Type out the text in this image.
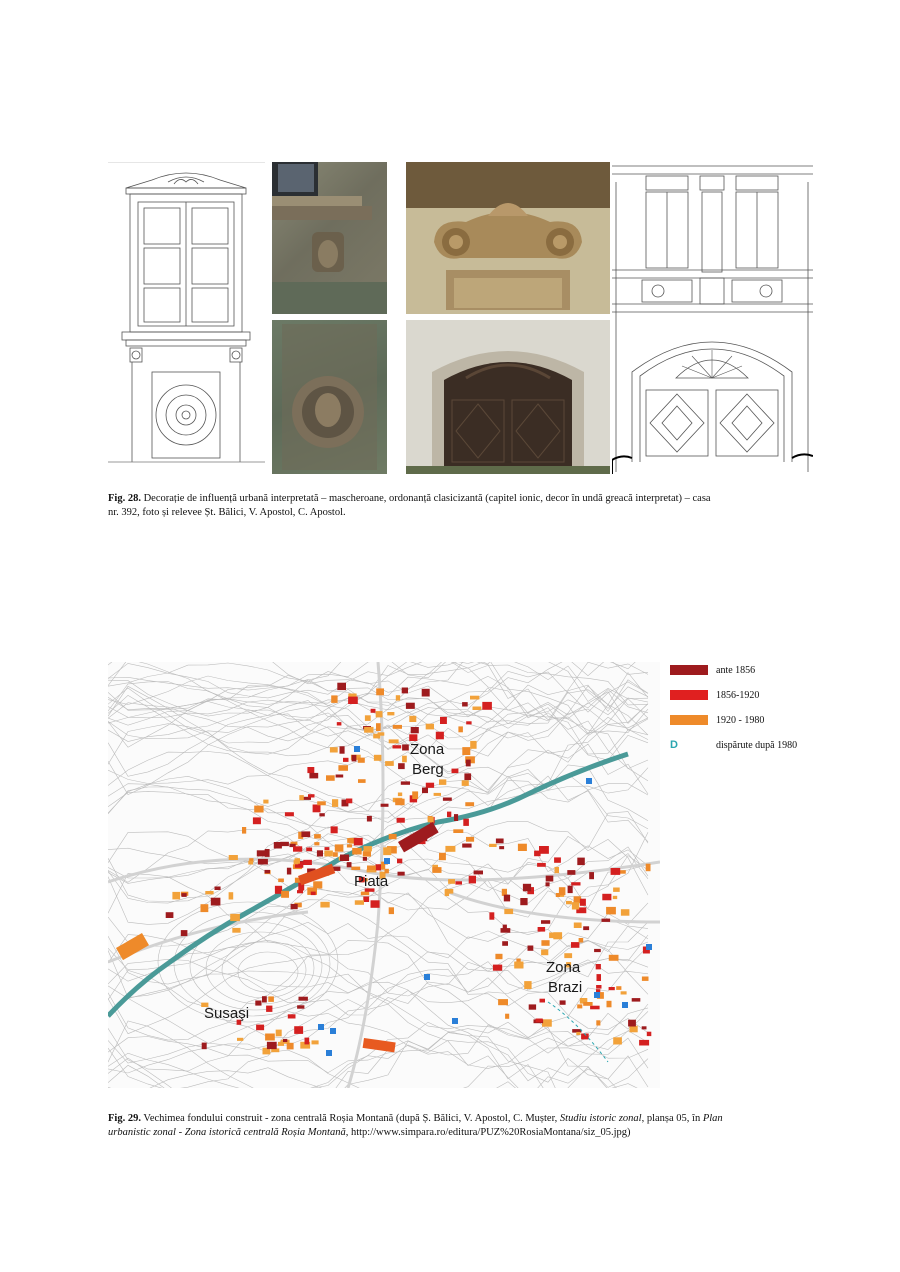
Fig. 28. Decorație de influență urbană interpretată – mascheroane, ordonanță clasicizantă (capitel ionic, decor în undă greacă interpretat) – casa
nr. 392, foto și relevee Șt. Bălici, V. Apostol, C. Apostol.
Zona
Berg
Piata
Zona
Brazi
Susaşi
ante 1856
1856-1920
1920 - 1980
D	dispărute după 1980
Fig. 29. Vechimea fondului construit - zona centrală Roșia Montană (după Ș. Bălici, V. Apostol, C. Mușter, Studiu istoric zonal, planșa 05, în Plan
urbanistic zonal - Zona istorică centrală Roșia Montană, http://www.simpara.ro/editura/PUZ%20RosiaMontana/siz_05.jpg)
